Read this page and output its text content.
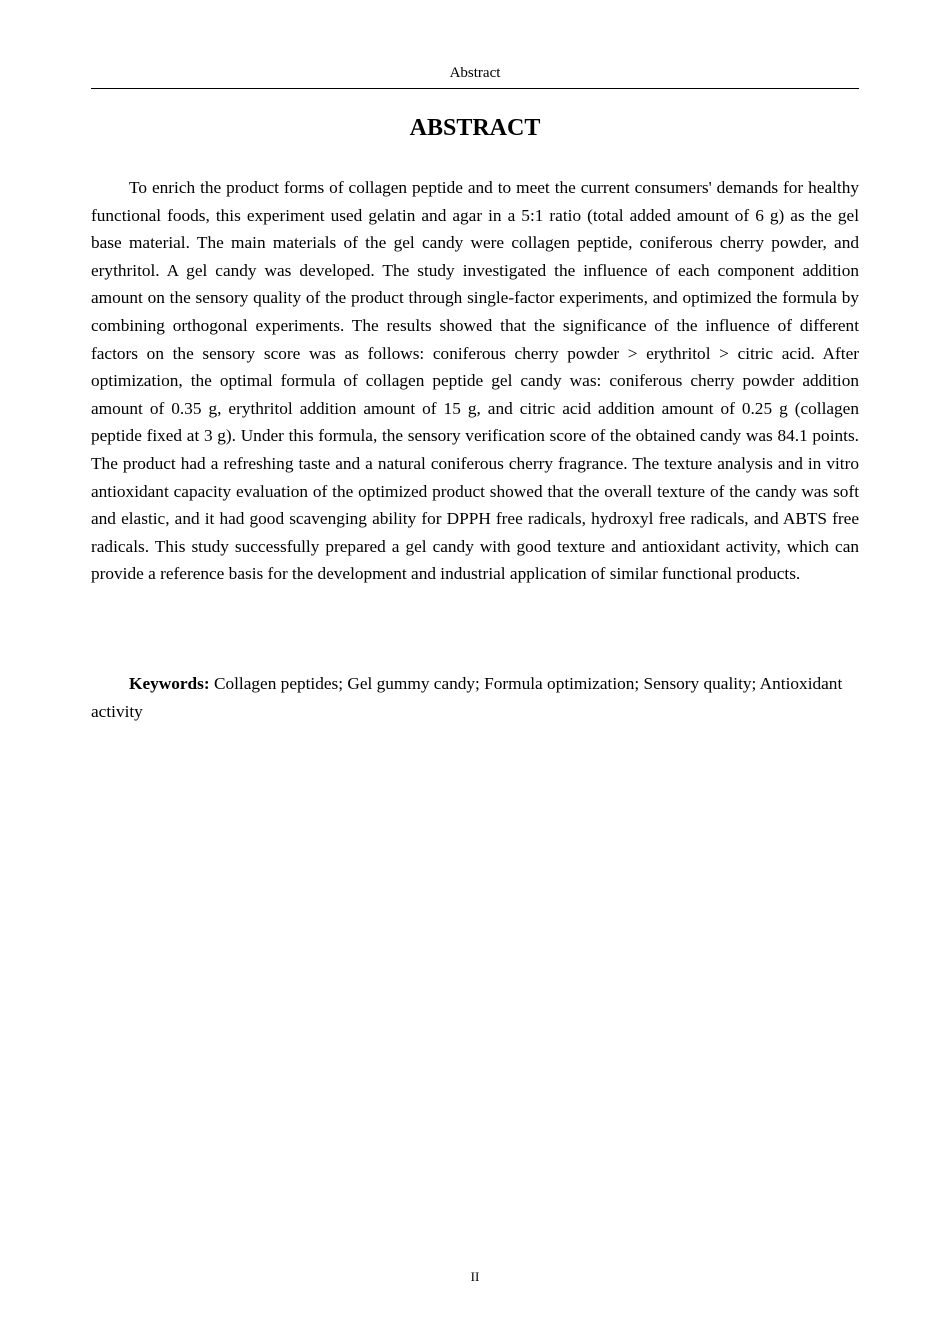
Abstract
ABSTRACT

To enrich the product forms of collagen peptide and to meet the current consumers' demands for healthy functional foods, this experiment used gelatin and agar in a 5:1 ratio (total added amount of 6 g) as the gel base material. The main materials of the gel candy were collagen peptide, coniferous cherry powder, and erythritol. A gel candy was developed. The study investigated the influence of each component addition amount on the sensory quality of the product through single-factor experiments, and optimized the formula by combining orthogonal experiments. The results showed that the significance of the influence of different factors on the sensory score was as follows: coniferous cherry powder > erythritol > citric acid. After optimization, the optimal formula of collagen peptide gel candy was: coniferous cherry powder addition amount of 0.35 g, erythritol addition amount of 15 g, and citric acid addition amount of 0.25 g (collagen peptide fixed at 3 g). Under this formula, the sensory verification score of the obtained candy was 84.1 points. The product had a refreshing taste and a natural coniferous cherry fragrance. The texture analysis and in vitro antioxidant capacity evaluation of the optimized product showed that the overall texture of the candy was soft and elastic, and it had good scavenging ability for DPPH free radicals, hydroxyl free radicals, and ABTS free radicals. This study successfully prepared a gel candy with good texture and antioxidant activity, which can provide a reference basis for the development and industrial application of similar functional products.

Keywords: Collagen peptides; Gel gummy candy; Formula optimization; Sensory quality; Antioxidant activity

II
